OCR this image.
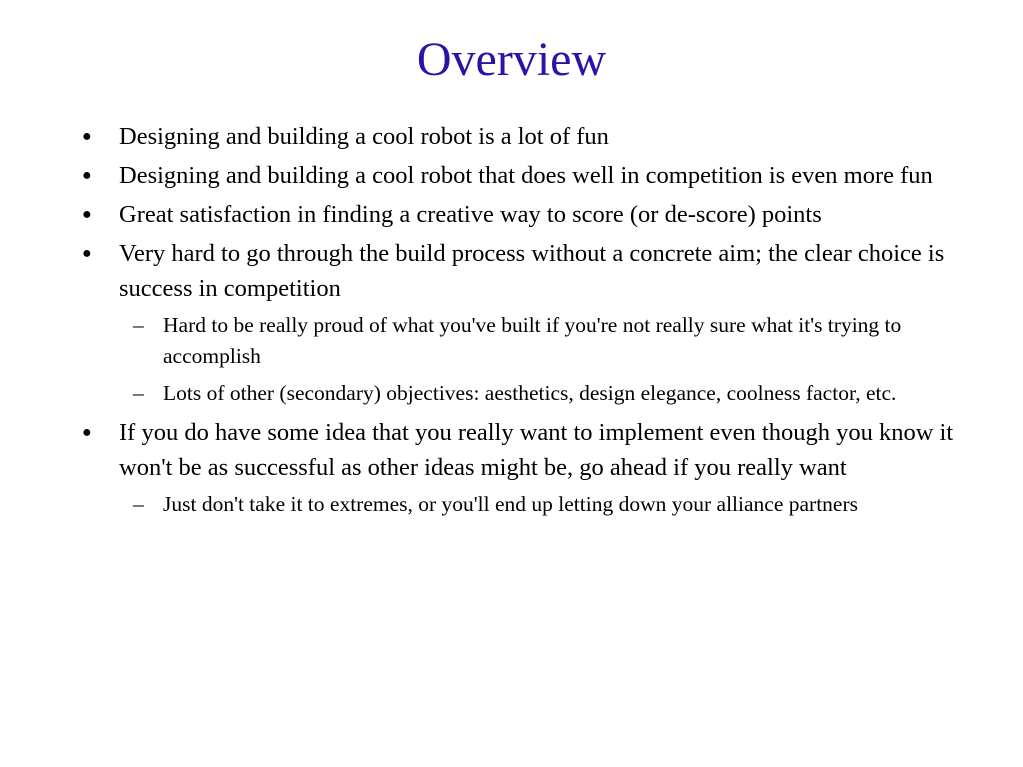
Overview
● Designing and building a cool robot is a lot of fun
● Designing and building a cool robot that does well in competition is even more fun
● Great satisfaction in finding a creative way to score (or de-score) points
● Very hard to go through the build process without a concrete aim; the clear choice is success in competition
– Hard to be really proud of what you've built if you're not really sure what it's trying to accomplish
– Lots of other (secondary) objectives: aesthetics, design elegance, coolness factor, etc.
● If you do have some idea that you really want to implement even though you know it won't be as successful as other ideas might be, go ahead if you really want
– Just don't take it to extremes, or you'll end up letting down your alliance partners
